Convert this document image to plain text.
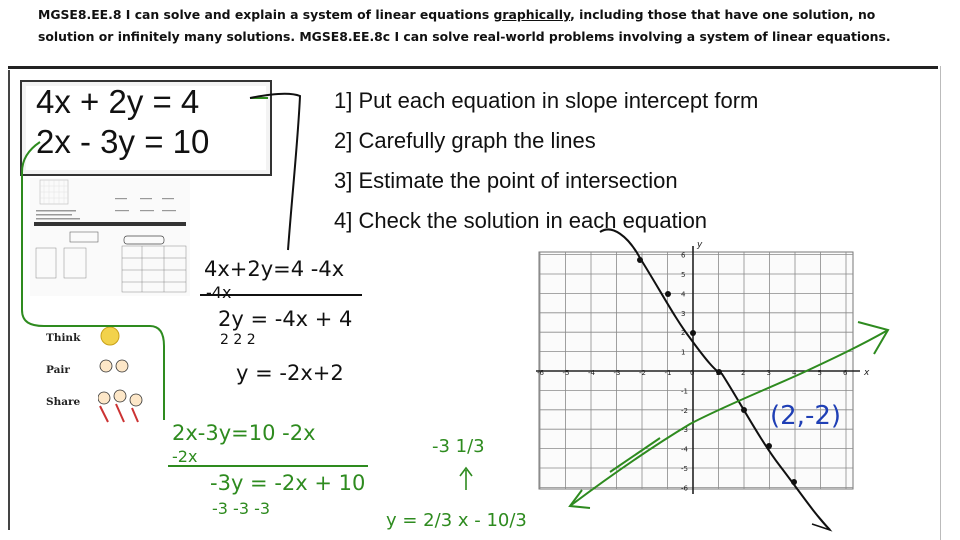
MGSE8.EE.8 I can solve and explain a system of linear equations graphically, including those that have one solution, no
solution or infinitely many solutions. MGSE8.EE.8c I can solve real-world problems involving a system of linear equations.
4x + 2y = 4
2x - 3y = 10
1] Put each equation in slope intercept form
2] Carefully graph the lines
3] Estimate the point of intersection
4] Check the solution in each equation
Think
Pair
Share
-6	-5	-4	-3	-2	-1	0	2	3	4	5	6
6
5
4
3
2
1
-1
-2
-3
-4
-5
-6
x
y
4x+2y=4 -4x
-4x
2y = -4x + 4
2 2 2
y = -2x+2
2x-3y=10 -2x
-2x
-3y = -2x + 10
-3 -3 -3
y = 2/3 x - 10/3
-3 1/3
(2,-2)
